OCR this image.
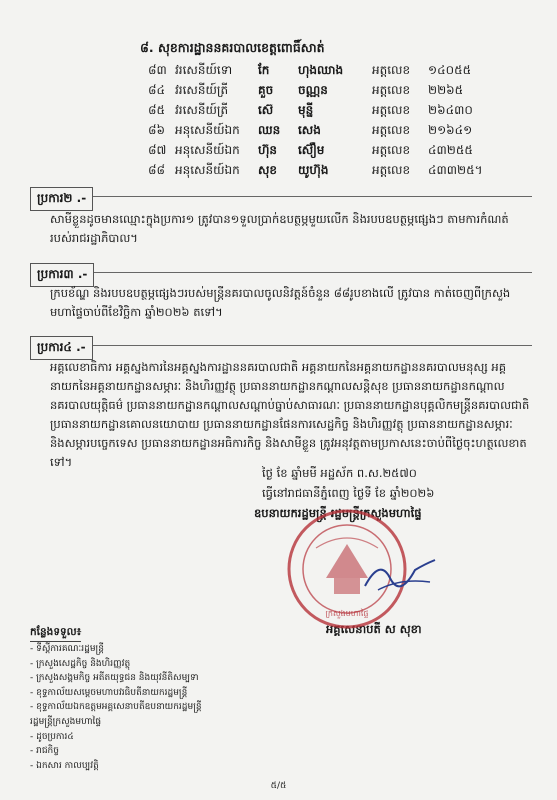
៨. សុខការដ្ឋាននគរបាលខេត្តពោធិ៍សាត់
៨៣ វរសេនីយ៍ទោ កែ ហុងឈាង អត្តលេខ ១៤០៥៥
៨៤ វរសេនីយ៍ត្រី គួច ចណ្ណន	អត្តលេខ ២២៦៥
៨៥ វរសេនីយ៍ត្រី ស៊េ មុន្នី	អត្តលេខ ២៦៤៣០
៨៦ អនុសេនីយ៍ឯក ឈន សេង	អត្តលេខ ២១៦៤១
៨៧ អនុសេនីយ៍ឯក ហ៊ុន ស៊ឿម	អត្តលេខ ៤៣២៥៥
៨៨ អនុសេនីយ៍ឯក សុខ យូហ៊ុង	អត្តលេខ ៤៣៣២៥។
ប្រការ២ .-
សាមីខ្លួនដូចមានឈ្មោះក្នុងប្រការ១ ត្រូវបាន១ទួលប្រាក់ឧបត្ថម្ភមួយលើក និងរបបឧបត្ថម្ភផ្សេងៗ តាមការកំណត់របស់រាជរដ្ឋាភិបាល។
ប្រការ៣ .-
ក្របខ័ណ្ឌ និងរបបឧបត្ថម្ភផ្សេងៗរបស់មន្ត្រីនគរបាលចូលនិវត្តន៍ចំនួន ៨៨រូបខាងលើ ត្រូវបាន កាត់ចេញពីក្រសួងមហាផ្ទៃចាប់ពីខែវិច្ឆិកា ឆ្នាំ២០២៦ តទៅ។
ប្រការ៤ .-
អគ្គលេខាធិការ អគ្គស្នងការនៃអគ្គស្នងការដ្ឋាននគរបាលជាតិ អគ្គនាយកនៃអគ្គនាយកដ្ឋាននគរបាលមនុស្ស អគ្គនាយកនៃអគ្គនាយកដ្ឋានសម្ភារៈ និងហិរញ្ញវត្ថុ ប្រធាននាយកដ្ឋានកណ្តាលសន្តិសុខ ប្រធាននាយកដ្ឋានកណ្តាលនគរបាលយុត្តិធម៌ ប្រធាននាយកដ្ឋានកណ្តាលសណ្តាប់ធ្នាប់សាធារណៈ ប្រធាននាយកដ្ឋានបុគ្គលិកមន្ត្រីនគរបាលជាតិ ប្រធាននាយកដ្ឋានគោលនយោបាយ ប្រធាននាយកដ្ឋានផែនការសេដ្ឋកិច្ច និងហិរញ្ញវត្ថុ ប្រធាននាយកដ្ឋានសម្ភារៈ និងសម្ភារបច្ចេកទេស ប្រធាននាយកដ្ឋានអធិការកិច្ច និងសាមីខ្លួន ត្រូវអនុវត្តតាមប្រកាសនេះចាប់ពីថ្ងៃចុះហត្ថលេខាតទៅ។
ថ្ងៃ ខែ ឆ្នាំមមី អដ្ឋស័ក ព.ស.២៥៧០
ធ្វើនៅរាជធានីភ្នំពេញ ថ្ងៃទី ខែ ឆ្នាំ២០២៦
ឧបនាយករដ្ឋមន្ត្រី រដ្ឋមន្ត្រីក្រសួងមហាផ្ទៃ
អគ្គសេនាបតី ស សុខា
ក្រសួងមហាផ្ទៃ
កន្លែងទទួល៖
- ទីស្តីការគណៈរដ្ឋមន្ត្រី
- ក្រសួងសេដ្ឋកិច្ច និងហិរញ្ញវត្ថុ
- ក្រសួងសង្គមកិច្ច អតីតយុទ្ធជន និងយុវនីតិសម្បទា
- ខុទ្ទកាល័យសម្តេចមហាបវរធិបតីនាយករដ្ឋមន្ត្រី
- ខុទ្ទកាល័យឯកឧត្តមអគ្គសេនាបតីឧបនាយករដ្ឋមន្ត្រី
រដ្ឋមន្ត្រីក្រសួងមហាផ្ទៃ
- ដូចប្រការ៤
- រាជកិច្ច
- ឯកសារ កាលប្បវត្តិ
៥/៥
